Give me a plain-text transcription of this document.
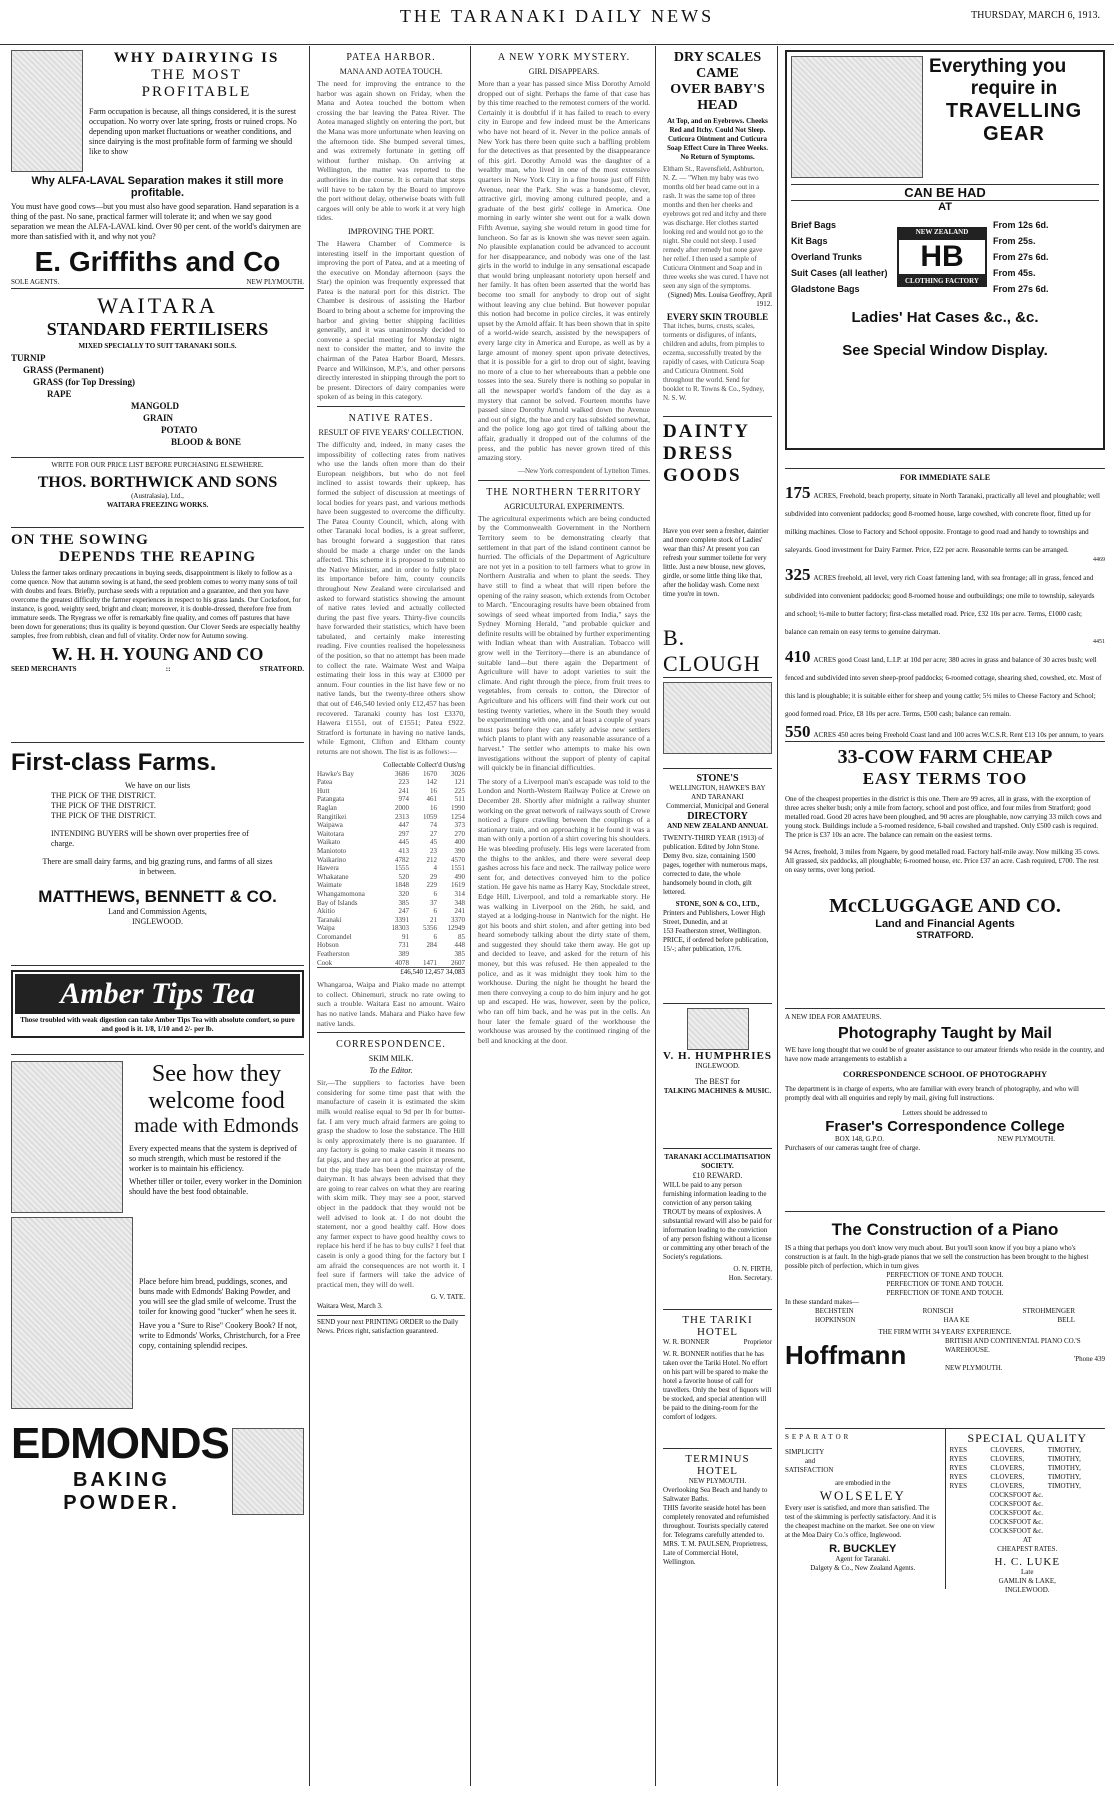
THE TARANAKI DAILY NEWS	THURSDAY, MARCH 6, 1913.
WHY DAIRYING IS
THE MOST
PROFITABLE
Farm occupation is because, all things considered, it is the surest occupation. No worry over late spring, frosts or ruined crops. No depending upon market fluctuations or weather conditions, and since dairying is the most profitable form of farming we should like to show
Why ALFA-LAVAL Separation makes it still more profitable.
You must have good cows—but you must also have good separation. Hand separation is a thing of the past. No sane, practical farmer will tolerate it; and when we say good separation we mean the ALFA-LAVAL kind. Over 90 per cent. of the world's dairymen are more than satisfied with it, and why not you?
E. Griffiths and Co
SOLE AGENTS.	NEW PLYMOUTH.
WAITARA
STANDARD FERTILISERS
MIXED SPECIALLY TO SUIT TARANAKI SOILS.
TURNIP
GRASS (Permanent)
GRASS (for Top Dressing)
RAPE
MANGOLD
GRAIN
POTATO
BLOOD & BONE
WRITE FOR OUR PRICE LIST BEFORE PURCHASING ELSEWHERE.
THOS. BORTHWICK AND SONS
(Australasia), Ltd.,
WAITARA FREEZING WORKS.
ON THE SOWING
DEPENDS THE REAPING
Unless the farmer takes ordinary precautions in buying seeds, disappointment is likely to follow as a come quence. Now that autumn sowing is at hand, the seed problem comes to worry many sons of toil with doubts and fears. Briefly, purchase seeds with a reputation and a guarantee, and then you have overcome the greatest difficulty the farmer experiences in respect to his grass lands. Our Cocksfoot, for instance, is good, weighty seed, bright and clean; moreover, it is double-dressed, therefore free from immature seeds. The Ryegrass we offer is remarkably fine quality, and comes off pastures that have been down for generations; thus its quality is beyond question. Our Clover Seeds are especially healthy samples, free from rubbish, clean and full of vitality. Order now for Autumn sowing.
W. H. H. YOUNG AND CO
SEED MERCHANTS	::	STRATFORD.
First-class Farms.
We have on our lists
THE PICK OF THE DISTRICT.
THE PICK OF THE DISTRICT.
THE PICK OF THE DISTRICT.
INTENDING BUYERS will be shown over properties free of charge.
There are small dairy farms, and big grazing runs, and farms of all sizes in between.
MATTHEWS, BENNETT & CO.
Land and Commission Agents,
INGLEWOOD.
Amber Tips Tea
Those troubled with weak digestion can take Amber Tips Tea with absolute comfort, so pure and good is it. 1/8, 1/10 and 2/- per lb.
See how they
welcome food
made with Edmonds
Every expected means that the system is deprived of so much strength, which must be restored if the worker is to maintain his efficiency.
Whether tiller or toiler, every worker in the Dominion should have the best food obtainable.
Place before him bread, puddings, scones, and buns made with Edmonds' Baking Powder, and you will see the glad smile of welcome. Trust the toiler for knowing good "tucker" when he sees it.
Have you a "Sure to Rise" Cookery Book? If not, write to Edmonds' Works, Christchurch, for a Free copy, containing splendid recipes.
EDMONDS
BAKING
POWDER.
PATEA HARBOR.
MANA AND AOTEA TOUCH.
The need for improving the entrance to the harbor was again shown on Friday, when the Mana and Aotea touched the bottom when crossing the bar leaving the Patea River. The Aotea managed slightly on entering the port, but the Mana was more unfortunate when leaving on the afternoon tide. She bumped several times, and was extremely fortunate in getting off without further mishap. On arriving at Wellington, the matter was reported to the authorities in due course. It is certain that steps will have to be taken by the Board to improve the port without delay, otherwise boats with full cargoes will only be able to work it at very high tides.
IMPROVING THE PORT.
The Hawera Chamber of Commerce is interesting itself in the important question of improving the port of Patea, and at a meeting of the executive on Monday afternoon (says the Star) the opinion was frequently expressed that Patea is the natural port for this district. The Chamber is desirous of assisting the Harbor Board to bring about a scheme for improving the harbor and giving better shipping facilities generally, and it was unanimously decided to convene a special meeting for Monday night next to consider the matter, and to invite the chairman of the Patea Harbor Board, Messrs. Pearce and Wilkinson, M.P.'s, and other persons directly interested in shipping through the port to be present. Directors of dairy companies were spoken of as being in this category.
NATIVE RATES.
RESULT OF FIVE YEARS' COLLECTION.
The difficulty and, indeed, in many cases the impossibility of collecting rates from natives who use the lands often more than do their European neighbors, but who do not feel inclined to assist towards their upkeep, has formed the subject of discussion at meetings of local bodies for years past, and various methods have been suggested to overcome the difficulty. The Patea County Council, which, along with other Taranaki local bodies, is a great sufferer, has brought forward a suggestion that rates should be made a charge under on the lands affected. This scheme it is proposed to submit to the Native Minister, and in order to fully place its importance before him, county councils throughout New Zealand were circularised and asked to forward statistics showing the amount of native rates levied and actually collected during the past five years. Thirty-five councils have forwarded their statistics, which have been tabulated, and certainly make interesting reading. Five counties realised the hopelessness of the position, so that no attempt has been made to collect the rate. Waimate West and Waipa estimating their loss in this way at £3000 per annum. Four counties in the list have few or no native lands, but the twenty-three others show that out of £46,540 levied only £12,457 has been recovered. Taranaki county has lost £3370, Hawera £1551, out of £1551; Patea £922. Stratford is fortunate in having no native lands, while Egmont, Clifton and Eltham county returns are not shown. The list is as follows:—
Collectable Collect'd Outs'ng
Hawke's Bay	3686	1670	3026
Patea	223	142	121
Hutt	241	16	225
Patangata	974	461	511
Raglan	2000	16	1990
Rangitikei	2313	1059	1254
Waipawa	447	74	373
Waitotara	297	27	270
Waikato	445	45	400
Maniototo	413	23	390
Waikarino	4782	212	4570
Hawera	1555	4	1551
Whakatane	520	29	490
Waimate	1848	229	1619
Whangamomona	320	6	314
Bay of Islands	385	37	348
Akitio	247	6	241
Taranaki	3391	21	3370
Waipa	18303	5356	12949
Coromandel	91	6	85
Hobson	731	284	448
Featherston	389	385
Cook	4078	1471	2607
£46,540 12,457 34,083
Whangaroa, Waipa and Piako made no attempt to collect. Ohinemuri, struck no rate owing to such a trouble. Waitara East no amount. Wairo has no native lands. Mahara and Piako have few native lands.
CORRESPONDENCE.
SKIM MILK.
To the Editor.
Sir,—The suppliers to factories have been considering for some time past that with the manufacture of casein it is estimated the skim milk would realise equal to 9d per lb for butter-fat. I am very much afraid farmers are going to grasp the shadow to lose the substance. The Hill is only approximately there is no guarantee. If any factory is going to make casein it means no fat pigs, and they are not a good price at present, but the pig trade has been the mainstay of the dairyman. It has always been advised that they are going to rear calves on what they are rearing with skim milk. They may see a poor, starved object in the paddock that they would not be well advised to look at. I do not doubt the statement, nor a good healthy calf. How does any farmer expect to have good healthy cows to replace his herd if he has to buy culls? I feel that casein is only a good thing for the factory but I am afraid the consequences are not worth it. I feel sure if farmers will take the advice of practical men, they will do well.
G. V. TATE.
Waitara West, March 3.
SEND your next PRINTING ORDER to the Daily News. Prices right, satisfaction guaranteed.
A NEW YORK MYSTERY.
GIRL DISAPPEARS.
More than a year has passed since Miss Dorothy Arnold dropped out of sight. Perhaps the fame of that case has by this time reached to the remotest corners of the world. Certainly it is doubtful if it has failed to reach to every city in Europe and few indeed must be the Americans who have not heard of it. Never in the police annals of New York has there been quite such a baffling problem for the detectives as that presented by the disappearance of this girl. Dorothy Arnold was the daughter of a wealthy man, who lived in one of the most extensive quarters in New York City in a fine house just off Fifth Avenue, near the Park. She was a handsome, clever, attractive girl, moving among cultured people, and a graduate of the best girls' college in America. One morning in early winter she went out for a walk down Fifth Avenue, saying she would return in good time for luncheon. So far as is known she was never seen again. No plausible explanation could be advanced to account for her disappearance, and nobody was one of the last girls in the world to indulge in any sensational escapade that would bring unpleasant notoriety upon herself and her family. It has often been asserted that the world has become too small for anybody to drop out of sight without leaving any clue behind. But however popular this notion had become in police circles, it was entirely upset by the Arnold affair. It has been shown that in spite of a world-wide search, assisted by the newspapers of every large city in America and Europe, as well as by a large amount of money spent upon private detectives, that it is possible for a girl to drop out of sight, leaving no more of a clue to her whereabouts than a pebble one tosses into the sea. Surely there is nothing so popular in all the newspaper world's fandom of the day as a mystery that cannot be solved. Fourteen months have passed since Dorothy Arnold walked down the Avenue and out of sight, the hue and cry has subsided somewhat, and the police long ago got tired of talking about the affair, gradually it dropped out of the columns of the press, and the public has never grown tired of this amazing story.
—New York correspondent of Lyttelton Times.
THE NORTHERN TERRITORY
AGRICULTURAL EXPERIMENTS.
The agricultural experiments which are being conducted by the Commonwealth Government in the Northern Territory seem to be demonstrating clearly that settlement in that part of the island continent cannot be hurried. The officials of the Department of Agriculture are not yet in a position to tell farmers what to grow in Northern Australia and when to plant the seeds. They have still to find a wheat that will ripen before the opening of the rainy season, which extends from October to March. "Encouraging results have been obtained from sowings of seed wheat imported from India," says the Sydney Morning Herald, "and probable quicker and definite results will be obtained by further experimenting with Indian wheat than with Australian. Tobacco will grow well in the Territory—there is an abundance of suitable land—but there again the Department of Agriculture will have to adopt varieties to suit the climate. And right through the piece, from fruit trees to vegetables, from cereals to cotton, the Director of Agriculture and his officers will find their work cut out testing twenty varieties, where in the South they would be experimenting with one, and at least a couple of years must pass before they can safely advise new settlers which plants to plant with any reasonable assurance of a harvest." The settler who attempts to make his own investigations without the support of plenty of capital will quickly be in financial difficulties.
The story of a Liverpool man's escapade was told to the London and North-Western Railway Police at Crewe on December 28. Shortly after midnight a railway shunter working on the great network of railways south of Crewe noticed a figure crawling between the couplings of a stationary train, and on approaching it he found it was a man with only a portion of a shirt covering his shoulders. He was bleeding profusely. His legs were lacerated from the thighs to the ankles, and there were several deep gashes across his face and neck. The railway police were sent for, and detectives conveyed him to the police station. He gave his name as Harry Kay, Stockdale street, Edge Hill, Liverpool, and told a remarkable story. He was walking in Liverpool on the 26th, he said, and stayed at a lodging-house in Nantwich for the night. He got his boots and shirt stolen, and after getting into bed heard somebody talking about the dirty state of them, and suggested they should take them away. He got up and decided to leave, and asked for the return of his money, but this was refused. He then appealed to the police, and as it was midnight they took him to the workhouse. During the night he thought he heard the men there conveying a coup to do him injury and he got up and escaped. He was, however, seen by the police, who ran off him back, and he was put in the cells. An hour later the female guard of the workhouse the workhouse was aroused by the continued ringing of the bell and knocking at the door.
DRY SCALES CAME
OVER BABY'S HEAD
At Top, and on Eyebrows. Cheeks Red and Itchy. Could Not Sleep. Cuticura Ointment and Cuticura Soap Effect Cure in Three Weeks. No Return of Symptoms.
Eltham St., Ravensfield, Ashburton, N. Z. — "When my baby was two months old her head came out in a rash. It was the same top of three months and then her cheeks and eyebrows got red and itchy and there was discharge. Her clothes started looking red and would not go to the night. She could not sleep. I used remedy after remedy but none gave her relief. I then used a sample of Cuticura Ointment and Soap and in three weeks she was cured. I have not seen any sign of the symptoms.
(Signed) Mrs. Louisa Geoffrey, April 1912.
EVERY SKIN TROUBLE
That itches, burns, crusts, scales, torments or disfigures, of infants, children and adults, from pimples to eczema, successfully treated by the rapidly of cases, with Cuticura Soap and Cuticura Ointment. Sold throughout the world. Send for booklet to R. Towns & Co., Sydney, N. S. W.
DAINTY
DRESS
GOODS
Have you ever seen a fresher, daintier and more complete stock of Ladies' wear than this? At present you can refresh your summer toilette for very little. Just a new blouse, new gloves, girdle, or some little thing like that, after the holiday wash. Come next time you're in town.
B. CLOUGH
STONE'S
WELLINGTON, HAWKE'S BAY AND TARANAKI
Commercial, Municipal and General
DIRECTORY
AND NEW ZEALAND ANNUAL
TWENTY-THIRD YEAR (1913) of publication. Edited by John Stone. Demy 8vo. size, containing 1500 pages, together with numerous maps, corrected to date, the whole handsomely bound in cloth, gilt lettered.
STONE, SON & CO., LTD.,
Printers and Publishers, Lower High Street, Dunedin, and at
153 Featherston street, Wellington.
PRICE, if ordered before publication, 15/-; after publication, 17/6.
V. H. HUMPHRIES
INGLEWOOD.
The BEST for
TALKING MACHINES & MUSIC.
TARANAKI ACCLIMATISATION SOCIETY.
£10 REWARD.
WILL be paid to any person furnishing information leading to the conviction of any person taking TROUT by means of explosives. A substantial reward will also be paid for information leading to the conviction of any person fishing without a license or committing any other breach of the Society's regulations.
O. N. FIRTH,
Hon. Secretary.
THE TARIKI HOTEL
W. R. BONNER	Proprietor
W. R. BONNER notifies that he has taken over the Tariki Hotel. No effort on his part will be spared to make the hotel a favorite house of call for travellers. Only the best of liquors will be stocked, and special attention will be paid to the dining-room for the comfort of lodgers.
TERMINUS HOTEL
NEW PLYMOUTH.
Overlooking Sea Beach and handy to Saltwater Baths.
THIS favorite seaside hotel has been completely renovated and refurnished throughout. Tourists specially catered for. Telegrams carefully attended to.
MRS. T. M. PAULSEN, Proprietress, Late of Commercial Hotel, Wellington.
Everything you
require in
TRAVELLING
GEAR
CAN BE HAD
AT
Brief Bags
Kit Bags
Overland Trunks
Suit Cases (all leather)
Gladstone Bags
NEW ZEALAND
HB
CLOTHING FACTORY
From 12s 6d.
From 25s.
From 27s 6d.
From 45s.
From 27s 6d.
Ladies' Hat Cases &c., &c.
See Special Window Display.
FOR IMMEDIATE SALE
175 ACRES, Freehold, beach property, situate in North Taranaki, practically all level and ploughable; well subdivided into convenient paddocks; good 8-roomed house, large cowshed, with concrete floor, fitted up for milking machines. Close to Factory and School opposite. Frontage to good road and handy to townships and saleyards. Good investment for Dairy Farmer. Price, £22 per acre. Reasonable terms can be arranged.
4469
325 ACRES freehold, all level, very rich Coast fattening land, with sea frontage; all in grass, fenced and subdivided into convenient paddocks; good 8-roomed house and outbuildings; one mile to township, saleyards and school; ½-mile to butter factory; first-class metalled road. Price, £32 10s per acre. Terms, £1000 cash; balance can remain on easy terms to genuine dairyman.
4451
410 ACRES good Coast land, L.I.P. at 10d per acre; 380 acres in grass and balance of 30 acres bush; well fenced and subdivided into seven sheep-proof paddocks; 6-roomed cottage, shearing shed, cowshed, etc. Most of this land is ploughable; it is suitable either for sheep and young cattle; 5½ miles to Cheese Factory and School; good formed road. Price, £8 10s per acre. Terms, £500 cash; balance can remain.
550 ACRES 450 acres being Freehold Coast land and 100 acres W.C.S.R. Rent £13 10s per annum, to years
33-COW FARM CHEAP
EASY TERMS TOO
One of the cheapest properties in the district is this one. There are 99 acres, all in grass, with the exception of three acres shelter bush; only a mile from factory, school and post office, and four miles from Stratford; good metalled road. Good 20 acres have been ploughed, and 90 acres are ploughable, now carrying 33 milch cows and young stock. Buildings include a 5-roomed residence, 6-bail cowshed and trapshed. Only £500 cash is required. The price is £37 10s an acre. The balance can remain on the easiest terms.
94 Acres, freehold, 3 miles from Ngaere, by good metalled road. Factory half-mile away. Now milking 35 cows. All grassed, six paddocks, all ploughable; 6-roomed house, etc. Price £37 an acre. Cash required, £700. The rest on easy terms, over long period.
McCLUGGAGE AND CO.
Land and Financial Agents
STRATFORD.
A NEW IDEA FOR AMATEURS.
Photography Taught by Mail
WE have long thought that we could be of greater assistance to our amateur friends who reside in the country, and have now made arrangements to establish a
CORRESPONDENCE SCHOOL OF PHOTOGRAPHY
The department is in charge of experts, who are familiar with every branch of photography, and who will promptly deal with all enquiries and reply by mail, giving full instructions.
Letters should be addressed to
Fraser's Correspondence College
BOX 148, G.P.O.	NEW PLYMOUTH.
Purchasers of our cameras taught free of charge.
The Construction of a Piano
IS a thing that perhaps you don't know very much about. But you'll soon know if you buy a piano who's construction is at fault. In the high-grade pianos that we sell the construction has been brought to the highest possible pitch of perfection, which in turn gives
PERFECTION OF TONE AND TOUCH.
PERFECTION OF TONE AND TOUCH.
PERFECTION OF TONE AND TOUCH.
In these standard makes—
BECHSTEIN	RONISCH	STROHMENGER
HOPKINSON	HAA KE	BELL
THE FIRM WITH 34 YEARS' EXPERIENCE.
Hoffmann	BRITISH AND CONTINENTAL PIANO CO.'S WAREHOUSE.
'Phone 439
NEW PLYMOUTH.
SEPARATOR
SIMPLICITY
and
SATISFACTION
are embodied in the
WOLSELEY
Every user is satisfied, and more than satisfied. The test of the skimming is perfectly satisfactory. And it is the cheapest machine on the market. See one on view at the Moa Dairy Co.'s office, Inglewood.
R. BUCKLEY
Agent for Taranaki.
Dalgety & Co., New Zealand Agents.
SPECIAL QUALITY
RYES	CLOVERS,	TIMOTHY,
RYES	CLOVERS,	TIMOTHY,
RYES	CLOVERS,	TIMOTHY,
RYES	CLOVERS,	TIMOTHY,
RYES	CLOVERS,	TIMOTHY,
COCKSFOOT &c.
COCKSFOOT &c.
COCKSFOOT &c.
COCKSFOOT &c.
COCKSFOOT &c.
AT
CHEAPEST RATES.
H. C. LUKE
Late
GAMLIN & LAKE,
INGLEWOOD.
